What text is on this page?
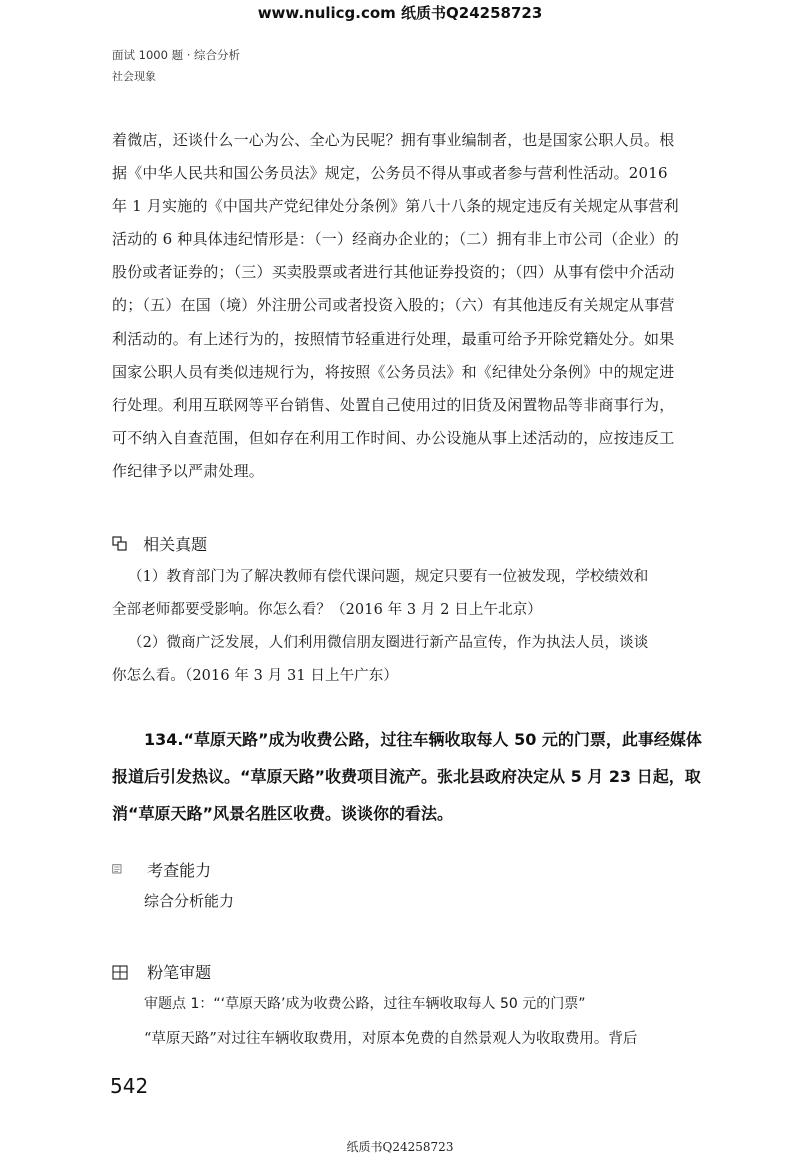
www.nulicg.com 纸质书Q24258723
面试 1000 题 · 综合分析
社会现象
着微店，还谈什么一心为公、全心为民呢？拥有事业编制者，也是国家公职人员。根
据《中华人民共和国公务员法》规定，公务员不得从事或者参与营利性活动。2016
年 1 月实施的《中国共产党纪律处分条例》第八十八条的规定违反有关规定从事营利
活动的 6 种具体违纪情形是：（一）经商办企业的；（二）拥有非上市公司（企业）的
股份或者证券的；（三）买卖股票或者进行其他证券投资的；（四）从事有偿中介活动
的；（五）在国（境）外注册公司或者投资入股的；（六）有其他违反有关规定从事营
利活动的。有上述行为的，按照情节轻重进行处理，最重可给予开除党籍处分。如果
国家公职人员有类似违规行为，将按照《公务员法》和《纪律处分条例》中的规定进
行处理。利用互联网等平台销售、处置自己使用过的旧货及闲置物品等非商事行为，
可不纳入自查范围，但如存在利用工作时间、办公设施从事上述活动的，应按违反工
作纪律予以严肃处理。
相关真题
（1）教育部门为了解决教师有偿代课问题，规定只要有一位被发现，学校绩效和
全部老师都要受影响。你怎么看？（2016 年 3 月 2 日上午北京）
（2）微商广泛发展，人们利用微信朋友圈进行新产品宣传，作为执法人员，谈谈
你怎么看。（2016 年 3 月 31 日上午广东）
134.“草原天路”成为收费公路，过往车辆收取每人 50 元的门票，此事经媒体
报道后引发热议。“草原天路”收费项目流产。张北县政府决定从 5 月 23 日起，取
消“草原天路”风景名胜区收费。谈谈你的看法。
考查能力
综合分析能力
粉笔审题
审题点 1：“‘草原天路’成为收费公路，过往车辆收取每人 50 元的门票”
“草原天路”对过往车辆收取费用，对原本免费的自然景观人为收取费用。背后
542
纸质书Q24258723
